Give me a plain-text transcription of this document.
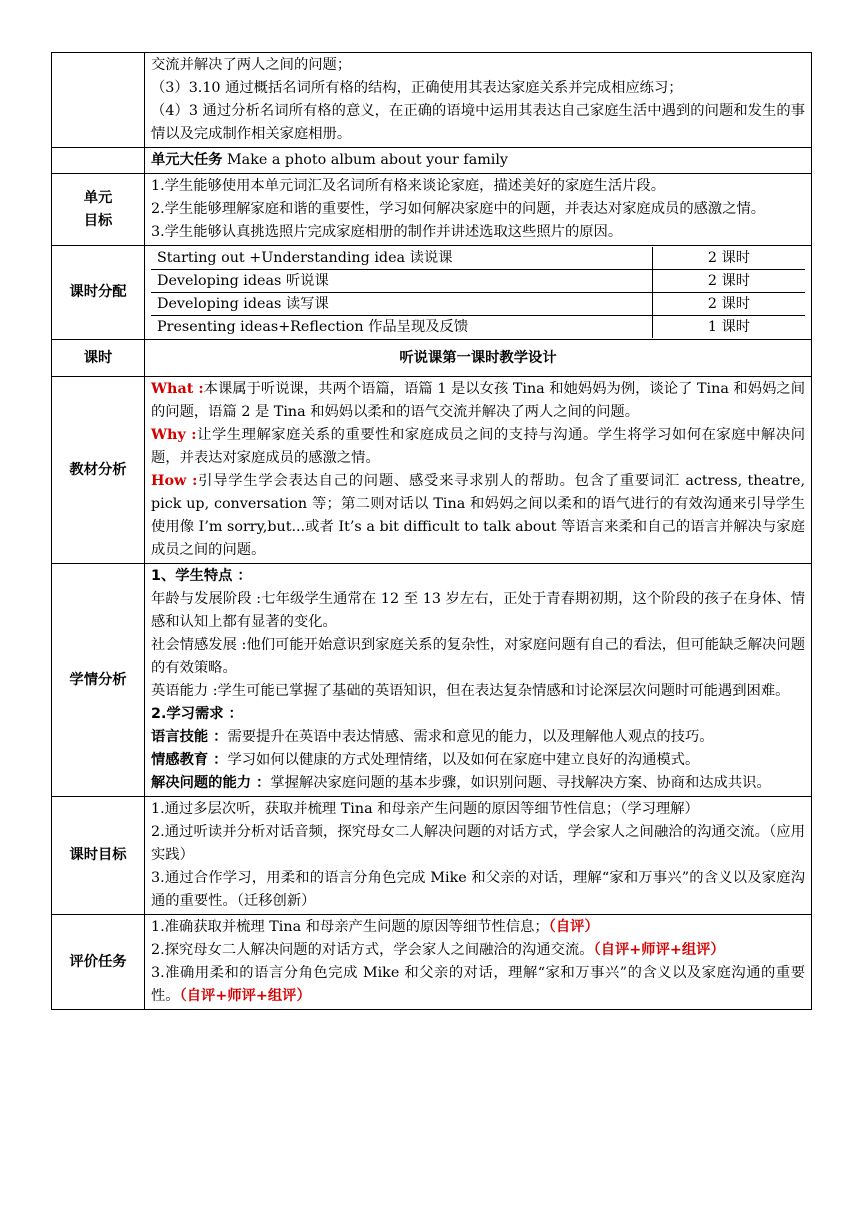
交流并解决了两人之间的问题；
（3）3.10 通过概括名词所有格的结构，正确使用其表达家庭关系并完成相应练习；
（4）3 通过分析名词所有格的意义，在正确的语境中运用其表达自己家庭生活中遇到的问题和发生的事情以及完成制作相关家庭相册。

	单元大任务 Make a photo album about your family

单元
目标

1.学生能够使用本单元词汇及名词所有格来谈论家庭，描述美好的家庭生活片段。
2.学生能够理解家庭和谐的重要性，学习如何解决家庭中的问题，并表达对家庭成员的感激之情。
3.学生能够认真挑选照片完成家庭相册的制作并讲述选取这些照片的原因。

课时分配	
Starting out +Understanding idea 读说课	2 课时
Developing ideas 听说课	2 课时
Developing ideas 读写课	2 课时
Presenting ideas+Reflection 作品呈现及反馈	1 课时

课时	听说课第一课时教学设计
教材分析	
What :本课属于听说课，共两个语篇，语篇 1 是以女孩 Tina 和她妈妈为例，谈论了 Tina 和妈妈之间的问题，语篇 2 是 Tina 和妈妈以柔和的语气交流并解决了两人之间的问题。
Why :让学生理解家庭关系的重要性和家庭成员之间的支持与沟通。学生将学习如何在家庭中解决问题，并表达对家庭成员的感激之情。
How :引导学生学会表达自己的问题、感受来寻求别人的帮助。包含了重要词汇 actress, theatre, pick up, conversation 等；第二则对话以 Tina 和妈妈之间以柔和的语气进行的有效沟通来引导学生使用像 I’m sorry,but...或者 It’s a bit difficult to talk about 等语言来柔和自己的语言并解决与家庭成员之间的问题。

学情分析	
1、学生特点 ：
年龄与发展阶段 :七年级学生通常在 12 至 13 岁左右，正处于青春期初期，这个阶段的孩子在身体、情感和认知上都有显著的变化。
社会情感发展 :他们可能开始意识到家庭关系的复杂性，对家庭问题有自己的看法，但可能缺乏解决问题的有效策略。
英语能力 :学生可能已掌握了基础的英语知识，但在表达复杂情感和讨论深层次问题时可能遇到困难。
2.学习需求 ：
语言技能 ：需要提升在英语中表达情感、需求和意见的能力，以及理解他人观点的技巧。
情感教育 ：学习如何以健康的方式处理情绪，以及如何在家庭中建立良好的沟通模式。
解决问题的能力 ：掌握解决家庭问题的基本步骤，如识别问题、寻找解决方案、协商和达成共识。

课时目标	
1.通过多层次听，获取并梳理 Tina 和母亲产生问题的原因等细节性信息；（学习理解）
2.通过听读并分析对话音频，探究母女二人解决问题的对话方式，学会家人之间融洽的沟通交流。（应用实践）
3.通过合作学习，用柔和的语言分角色完成 Mike 和父亲的对话，理解“家和万事兴”的含义以及家庭沟通的重要性。（迁移创新）

评价任务	
1.准确获取并梳理 Tina 和母亲产生问题的原因等细节性信息；（自评）
2.探究母女二人解决问题的对话方式，学会家人之间融洽的沟通交流。（自评+师评+组评）
3.准确用柔和的语言分角色完成 Mike 和父亲的对话，理解“家和万事兴”的含义以及家庭沟通的重要性。（自评+师评+组评）
